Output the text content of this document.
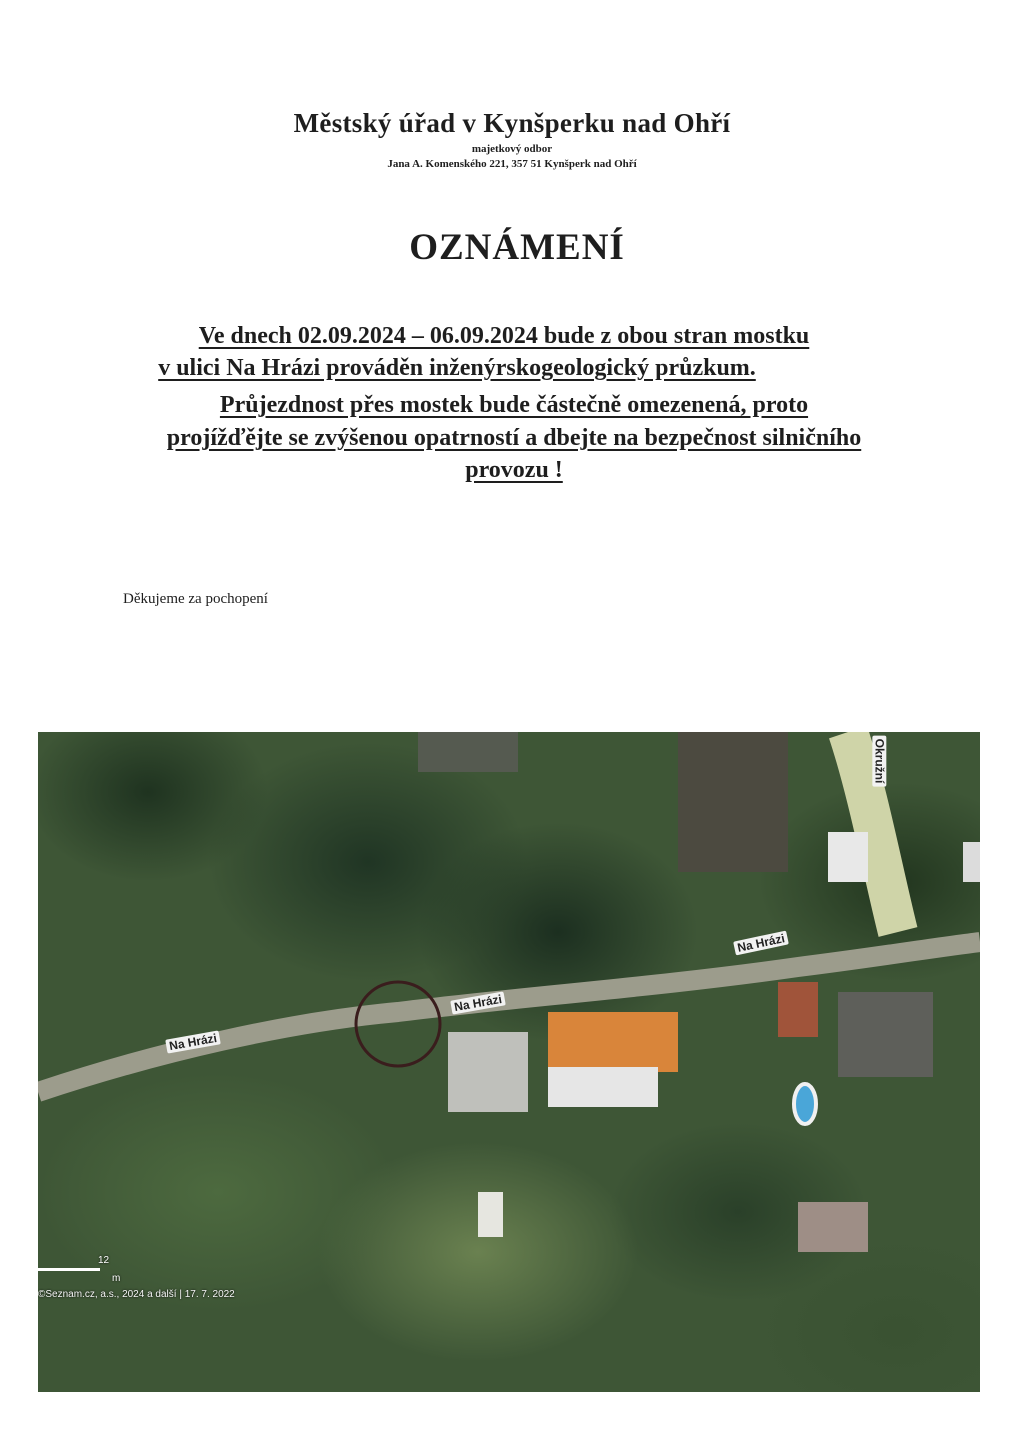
Městský úřad v Kynšperku nad Ohří
majetkový odbor
Jana A. Komenského 221, 357 51 Kynšperk nad Ohří
OZNÁMENÍ
Ve dnech 02.09.2024 – 06.09.2024 bude z obou stran mostku
v ulici Na Hrázi prováděn inženýrskogeologický průzkum.
Průjezdnost přes mostek bude částečně omezenená, proto
projížďějte se zvýšenou opatrností a dbejte na bezpečnost silničního
provozu !
Děkujeme za pochopení
Na Hrázi
Na Hrázi
Na Hrázi
Okružní
12
m
©Seznam.cz, a.s., 2024 a další | 17. 7. 2022
